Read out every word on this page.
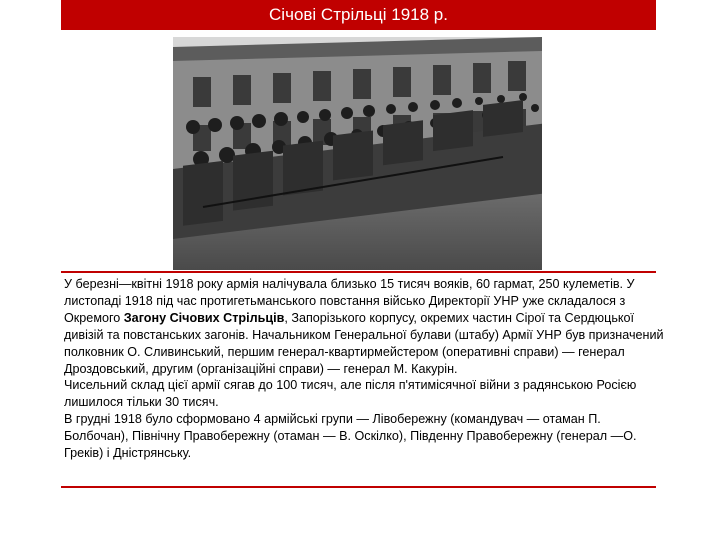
Січові Стрільці 1918 р.

У березні—квітні 1918 року армія налічувала близько 15 тисяч вояків, 60 гармат, 250 кулеметів. У листопаді 1918 під час протигетьманського повстання військо Директорії УНР уже складалося з Окремого Загону Січових Стрільців, Запорізького корпусу, окремих частин Сірої та Сердюцької дивізій та повстанських загонів. Начальником Генеральної булави (штабу) Армії УНР був призначений полковник О. Сливинський, першим генерал-квартирмейстером (оперативні справи) — генерал Дроздовський, другим (організаційні справи) — генерал М. Какурін.

Чисельний склад цієї армії сягав до 100 тисяч, але після п'ятимісячної війни з радянською Росією лишилося тільки 30 тисяч.

В грудні 1918 було сформовано 4 армійські групи — Лівобережну (командувач — отаман П. Болбочан), Північну Правобережну (отаман — В. Оскілко), Південну Правобережну (генерал —О. Греків) і Дністрянську.
